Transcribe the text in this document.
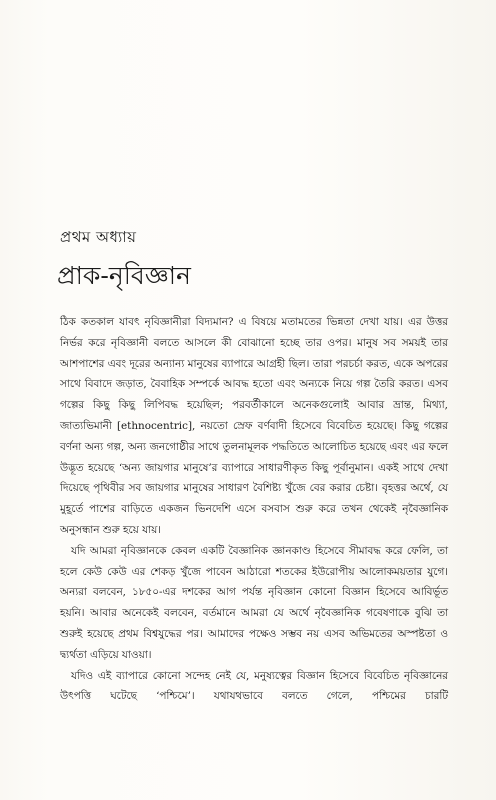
প্রথম অধ্যায়
প্রাক-নৃবিজ্ঞান

ঠিক কতকাল যাবৎ নৃবিজ্ঞানীরা বিদ্যমান? এ বিষয়ে মতামতের ভিন্নতা দেখা যায়। এর উত্তর নির্ভর করে নৃবিজ্ঞানী বলতে আসলে কী বোঝানো হচ্ছে তার ওপর। মানুষ সব সময়ই তার আশপাশের এবং দূরের অন্যান্য মানুষের ব্যাপারে আগ্রহী ছিল। তারা পরচর্চা করত, একে অপরের সাথে বিবাদে জড়াত, বৈবাহিক সম্পর্কে আবদ্ধ হতো এবং অন্যকে নিয়ে গল্প তৈরি করত। এসব গল্পের কিছু কিছু লিপিবদ্ধ হয়েছিল; পরবর্তীকালে অনেকগুলোই আবার ভ্রান্ত, মিথ্যা, জাত্যভিমানী [ethnocentric], নয়তো স্রেফ বর্ণবাদী হিসেবে বিবেচিত হয়েছে। কিছু গল্পের বর্ণনা অন্য গল্প, অন্য জনগোষ্ঠীর সাথে তুলনামূলক পদ্ধতিতে আলোচিত হয়েছে এবং এর ফলে উদ্ভূত হয়েছে ‘অন্য জায়গার মানুষে’র ব্যাপারে সাধারণীকৃত কিছু পূর্বানুমান। একই সাথে দেখা দিয়েছে পৃথিবীর সব জায়গার মানুষের সাধারণ বৈশিষ্ট্য খুঁজে বের করার চেষ্টা। বৃহত্তর অর্থে, যে মুহূর্তে পাশের বাড়িতে একজন ভিনদেশি এসে বসবাস শুরু করে তখন থেকেই নৃবৈজ্ঞানিক অনুসন্ধান শুরু হয়ে যায়।

যদি আমরা নৃবিজ্ঞানকে কেবল একটি বৈজ্ঞানিক জ্ঞানকাণ্ড হিসেবে সীমাবদ্ধ করে ফেলি, তা হলে কেউ কেউ এর শেকড় খুঁজে পাবেন আঠারো শতকের ইউরোপীয় আলোকময়তার যুগে। অন্যরা বলবেন, ১৮৫০-এর দশকের আগ পর্যন্ত নৃবিজ্ঞান কোনো বিজ্ঞান হিসেবে আবির্ভূত হয়নি। আবার অনেকেই বলবেন, বর্তমানে আমরা যে অর্থে নৃবৈজ্ঞানিক গবেষণাকে বুঝি তা শুরুই হয়েছে প্রথম বিশ্বযুদ্ধের পর। আমাদের পক্ষেও সম্ভব নয় এসব অভিমতের অস্পষ্টতা ও দ্ব্যর্থতা এড়িয়ে যাওয়া।

যদিও এই ব্যাপারে কোনো সন্দেহ নেই যে, মনুষ্যত্বের বিজ্ঞান হিসেবে বিবেচিত নৃবিজ্ঞানের উৎপত্তি ঘটেছে ‘পশ্চিমে’। যথাযথভাবে বলতে গেলে, পশ্চিমের চারটি
